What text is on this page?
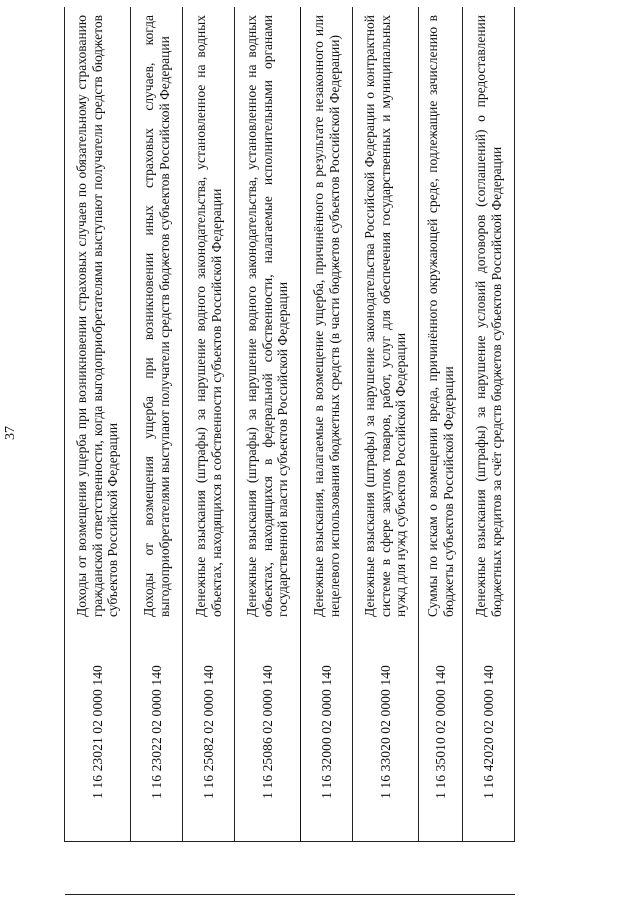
37
	1 16 23021 02 0000 140	Доходы от возмещения ущерба при возникновении страховых случаев по обязательному страхованию гражданской ответственности, когда выгодоприобретателями выступают получатели средств бюджетов субъектов Российской Федерации
	1 16 23022 02 0000 140	Доходы от возмещения ущерба при возникновении иных страховых случаев, когда выгодоприобретателями выступают получатели средств бюджетов субъектов Российской Федерации
	1 16 25082 02 0000 140	Денежные взыскания (штрафы) за нарушение водного законодательства, установленное на водных объектах, находящихся в собственности субъектов Российской Федерации
	1 16 25086 02 0000 140	Денежные взыскания (штрафы) за нарушение водного законодательства, установленное на водных объектах, находящихся в федеральной собственности, налагаемые исполнительными органами государственной власти субъектов Российской Федерации
	1 16 32000 02 0000 140	Денежные взыскания, налагаемые в возмещение ущерба, причинённого в результате незаконного или нецелевого использования бюджетных средств (в части бюджетов субъектов Российской Федерации)
	1 16 33020 02 0000 140	Денежные взыскания (штрафы) за нарушение законодательства Российской Федерации о контрактной системе в сфере закупок товаров, работ, услуг для обеспечения государственных и муниципальных нужд для нужд субъектов Российской Федерации
	1 16 35010 02 0000 140	Суммы по искам о возмещении вреда, причинённого окружающей среде, подлежащие зачислению в бюджеты субъектов Российской Федерации
	1 16 42020 02 0000 140	Денежные взыскания (штрафы) за нарушение условий договоров (соглашений) о предоставлении бюджетных кредитов за счёт средств бюджетов субъектов Российской Федерации
